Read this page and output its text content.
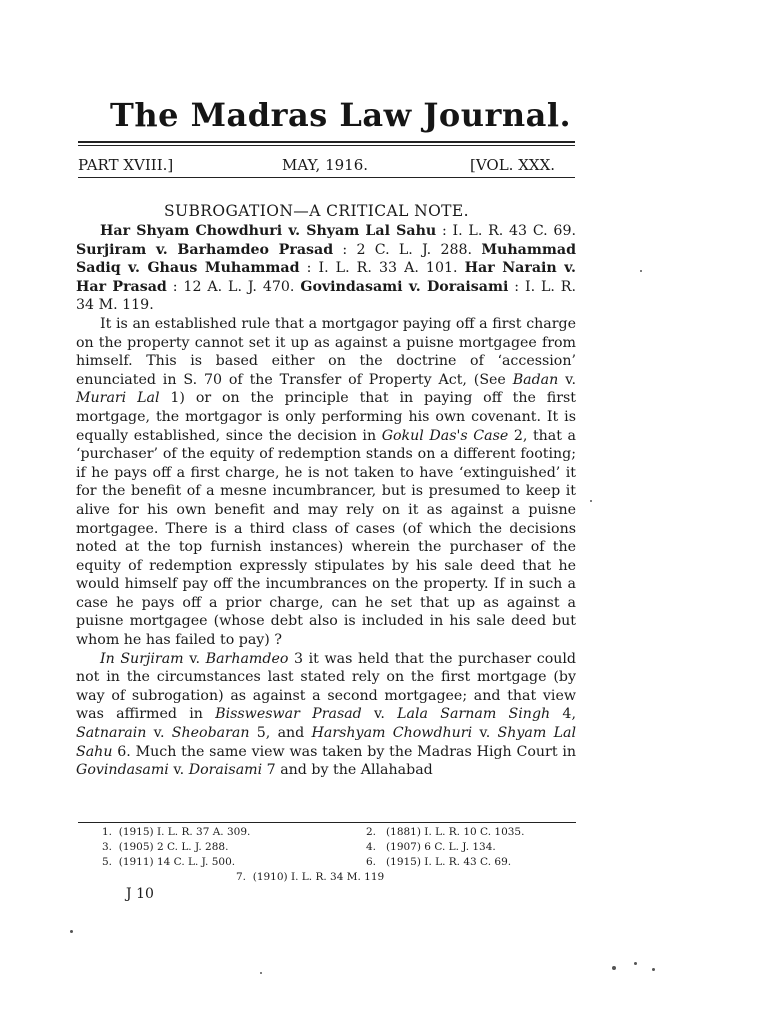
The Madras Law Journal.
PART XVIII.]	MAY, 1916.	[VOL. XXX.
SUBROGATION—A CRITICAL NOTE.

Har Shyam Chowdhuri v. Shyam Lal Sahu : I. L. R. 43 C. 69. Surjiram v. Barhamdeo Prasad : 2 C. L. J. 288. Muhammad Sadiq v. Ghaus Muhammad : I. L. R. 33 A. 101. Har Narain v. Har Prasad : 12 A. L. J. 470. Govindasami v. Doraisami : I. L. R. 34 M. 119.

It is an established rule that a mortgagor paying off a first charge on the property cannot set it up as against a puisne mortgagee from himself. This is based either on the doctrine of ‘accession’ enunciated in S. 70 of the Transfer of Property Act, (See Badan v. Murari Lal 1) or on the principle that in paying off the first mortgage, the mortgagor is only performing his own covenant. It is equally established, since the decision in Gokul Das's Case 2, that a ‘purchaser’ of the equity of redemption stands on a different footing; if he pays off a first charge, he is not taken to have ‘extinguished’ it for the benefit of a mesne incumbrancer, but is presumed to keep it alive for his own benefit and may rely on it as against a puisne mortgagee. There is a third class of cases (of which the decisions noted at the top furnish instances) wherein the purchaser of the equity of redemption expressly stipulates by his sale deed that he would himself pay off the incumbrances on the property. If in such a case he pays off a prior charge, can he set that up as against a puisne mortgagee (whose debt also is included in his sale deed but whom he has failed to pay) ?

In Surjiram v. Barhamdeo 3 it was held that the purchaser could not in the circumstances last stated rely on the first mortgage (by way of subrogation) as against a second mortgagee; and that view was affirmed in Bissweswar Prasad v. Lala Sarnam Singh 4, Satnarain v. Sheobaran 5, and Harshyam Chowdhuri v. Shyam Lal Sahu 6. Much the same view was taken by the Madras High Court in Govindasami v. Doraisami 7 and by the Allahabad

1. (1915) I. L. R. 37 A. 309.	2. (1881) I. L. R. 10 C. 1035.
3. (1905) 2 C. L. J. 288.	4. (1907) 6 C. L. J. 134.
5. (1911) 14 C. L. J. 500.	6. (1915) I. L. R. 43 C. 69.
7. (1910) I. L. R. 34 M. 119
J 10
